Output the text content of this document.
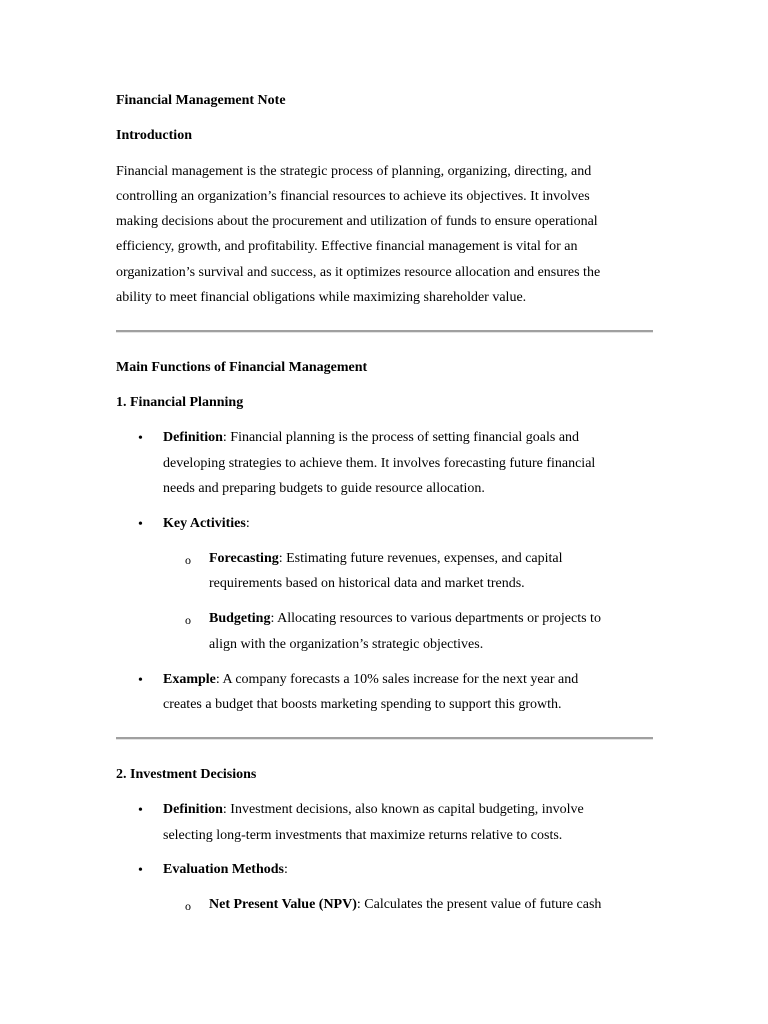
Financial Management Note
Introduction
Financial management is the strategic process of planning, organizing, directing, and
controlling an organization’s financial resources to achieve its objectives. It involves
making decisions about the procurement and utilization of funds to ensure operational
efficiency, growth, and profitability. Effective financial management is vital for an
organization’s survival and success, as it optimizes resource allocation and ensures the
ability to meet financial obligations while maximizing shareholder value.
Main Functions of Financial Management
1. Financial Planning
• Definition: Financial planning is the process of setting financial goals and
developing strategies to achieve them. It involves forecasting future financial
needs and preparing budgets to guide resource allocation.
• Key Activities:
o Forecasting: Estimating future revenues, expenses, and capital
requirements based on historical data and market trends.
o Budgeting: Allocating resources to various departments or projects to
align with the organization’s strategic objectives.
• Example: A company forecasts a 10% sales increase for the next year and
creates a budget that boosts marketing spending to support this growth.
2. Investment Decisions
• Definition: Investment decisions, also known as capital budgeting, involve
selecting long-term investments that maximize returns relative to costs.
• Evaluation Methods:
o Net Present Value (NPV): Calculates the present value of future cash
